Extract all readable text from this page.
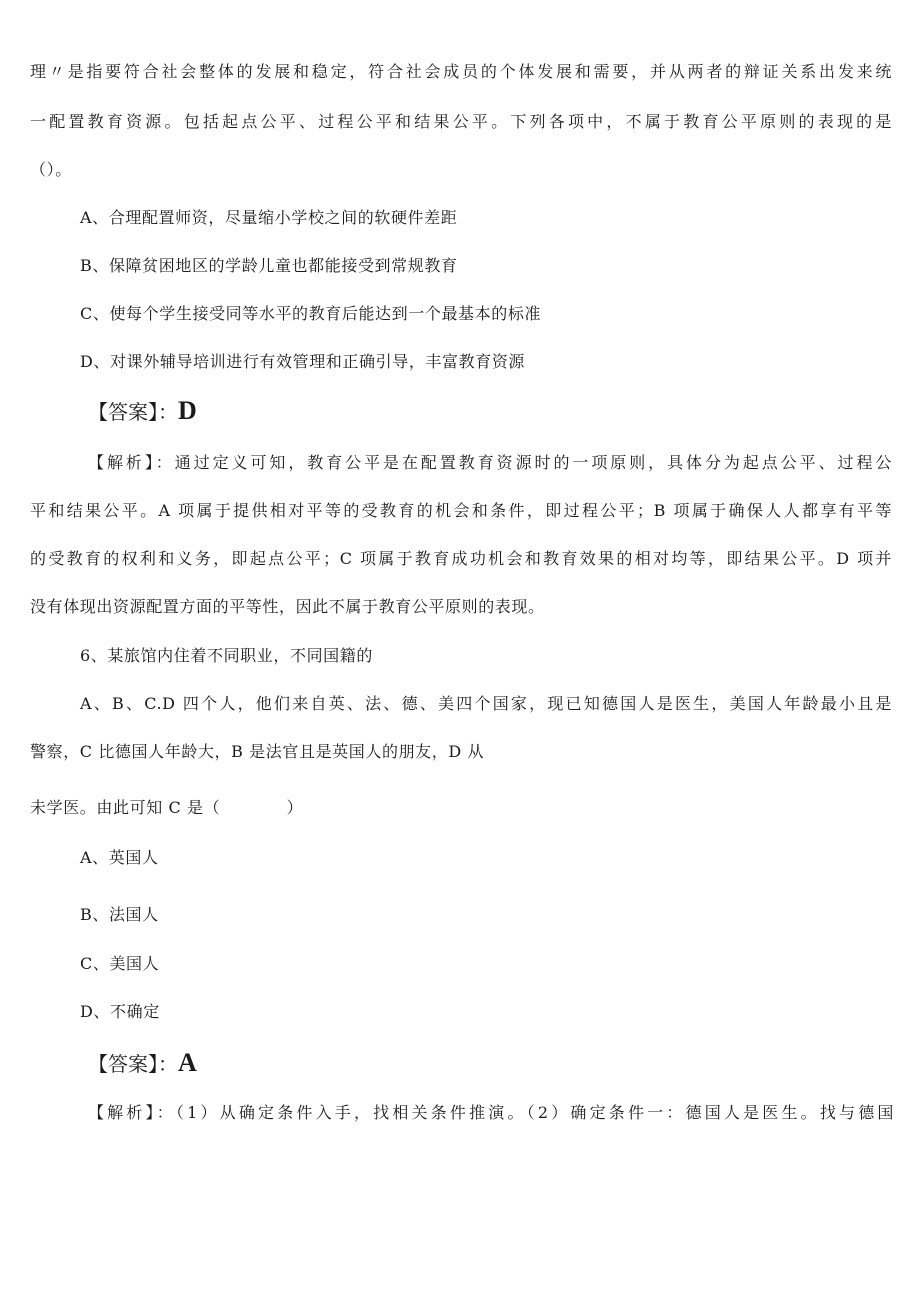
理〃是指要符合社会整体的发展和稳定，符合社会成员的个体发展和需要，并从两者的辩证关系出发来统
一配置教育资源。包括起点公平、过程公平和结果公平。下列各项中，不属于教育公平原则的表现的是
（）。
A、合理配置师资，尽量缩小学校之间的软硬件差距
B、保障贫困地区的学龄儿童也都能接受到常规教育
C、使每个学生接受同等水平的教育后能达到一个最基本的标准
D、对课外辅导培训进行有效管理和正确引导，丰富教育资源
【答案】：D
【解析】：通过定义可知，教育公平是在配置教育资源时的一项原则，具体分为起点公平、过程公
平和结果公平。A 项属于提供相对平等的受教育的机会和条件，即过程公平；B 项属于确保人人都享有平等
的受教育的权利和义务，即起点公平；C 项属于教育成功机会和教育效果的相对均等，即结果公平。D 项并
没有体现出资源配置方面的平等性，因此不属于教育公平原则的表现。
6、某旅馆内住着不同职业，不同国籍的
A、B、C.D 四个人，他们来自英、法、德、美四个国家，现已知德国人是医生，美国人年龄最小且是
警察，C 比德国人年龄大，B 是法官且是英国人的朋友，D 从
未学医。由此可知 C 是（　　　　）
A、英国人
B、法国人
C、美国人
D、不确定
【答案】：A
【解析】：（1）从确定条件入手，找相关条件推演。（2）确定条件一：德国人是医生。找与德国
